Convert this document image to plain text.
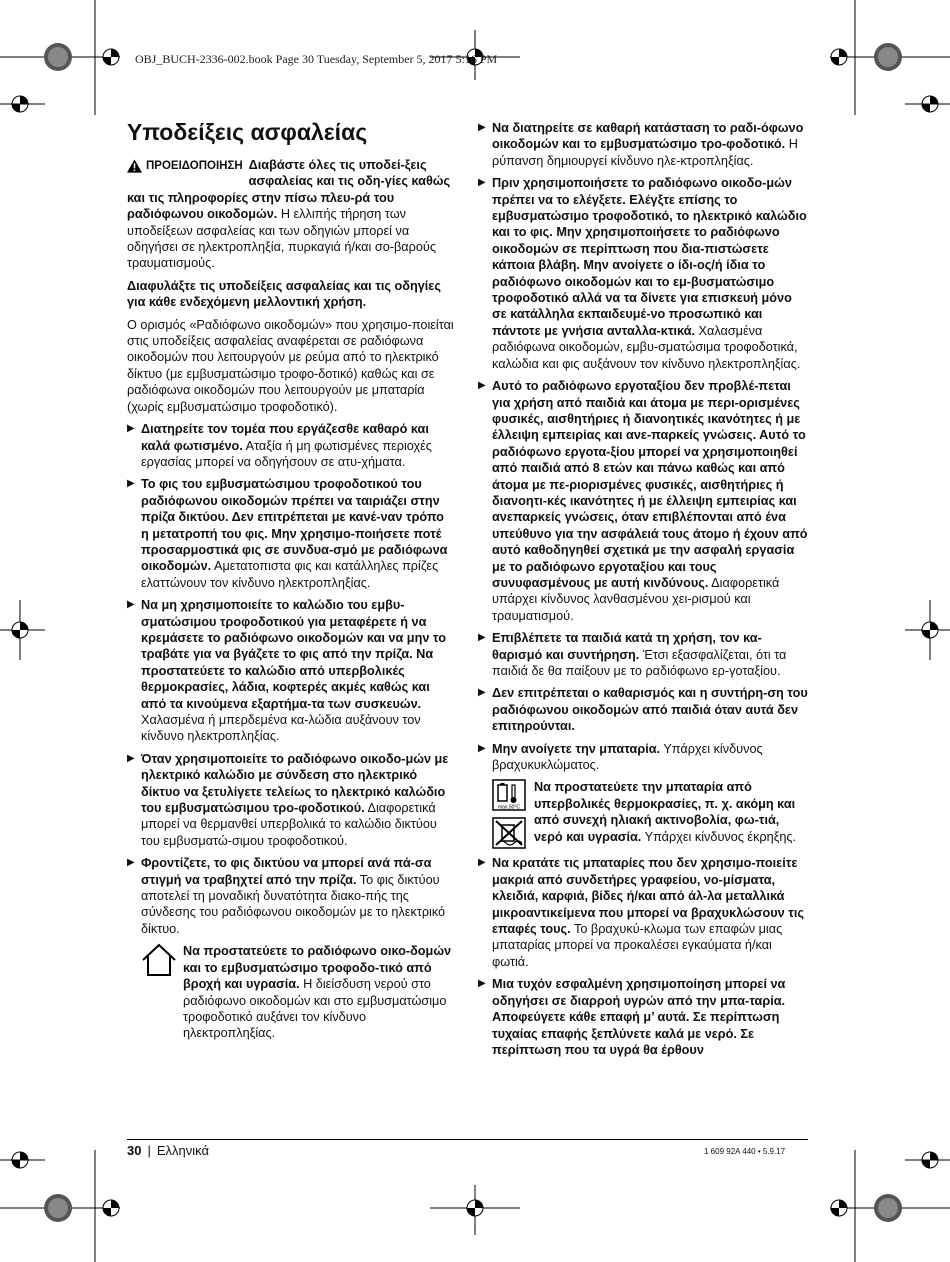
OBJ_BUCH-2336-002.book Page 30 Tuesday, September 5, 2017 5:16 PM
Υποδείξεις ασφαλείας

ΠΡΟΕΙΔΟΠΟΙΗΣΗ Διαβάστε όλες τις υποδεί-ξεις ασφαλείας και τις οδη-γίες καθώς και τις πληροφορίες στην πίσω πλευ-ρά του ραδιόφωνου οικοδομών. Η ελλιπής τήρηση των υποδείξεων ασφαλείας και των οδηγιών μπορεί να οδηγήσει σε ηλεκτροπληξία, πυρκαγιά ή/και σο-βαρούς τραυματισμούς.

Διαφυλάξτε τις υποδείξεις ασφαλείας και τις οδηγίες για κάθε ενδεχόμενη μελλοντική χρήση.

Ο ορισμός «Ραδιόφωνο οικοδομών» που χρησιμο-ποιείται στις υποδείξεις ασφαλείας αναφέρεται σε ραδιόφωνα οικοδομών που λειτουργούν με ρεύμα από το ηλεκτρικό δίκτυο (με εμβυσματώσιμο τροφο-δοτικό) καθώς και σε ραδιόφωνα οικοδομών που λειτουργούν με μπαταρία (χωρίς εμβυσματώσιμο τροφοδοτικό).

▶ Διατηρείτε τον τομέα που εργάζεσθε καθαρό και καλά φωτισμένο. Αταξία ή μη φωτισμένες περιοχές εργασίας μπορεί να οδηγήσουν σε ατυ-χήματα.
▶ Το φις του εμβυσματώσιμου τροφοδοτικού του ραδιόφωνου οικοδομών πρέπει να ταιριάζει στην πρίζα δικτύου. Δεν επιτρέπεται με κανέ-ναν τρόπο η μετατροπή του φις. Μην χρησιμο-ποιήσετε ποτέ προσαρμοστικά φις σε συνδυα-σμό με ραδιόφωνα οικοδομών. Αμετατοπιστα φις και κατάλληλες πρίζες ελαττώνουν τον κίνδυνο ηλεκτροπληξίας.
▶ Να μη χρησιμοποιείτε το καλώδιο του εμβυ-σματώσιμου τροφοδοτικού για μεταφέρετε ή να κρεμάσετε το ραδιόφωνο οικοδομών και να μην το τραβάτε για να βγάζετε το φις από την πρίζα. Να προστατεύετε το καλώδιο από υπερβολικές θερμοκρασίες, λάδια, κοφτερές ακμές καθώς και από τα κινούμενα εξαρτήμα-τα των συσκευών. Χαλασμένα ή μπερδεμένα κα-λώδια αυξάνουν τον κίνδυνο ηλεκτροπληξίας.
▶ Όταν χρησιμοποιείτε το ραδιόφωνο οικοδο-μών με ηλεκτρικό καλώδιο με σύνδεση στο ηλεκτρικό δίκτυο να ξετυλίγετε τελείως το ηλεκτρικό καλώδιο του εμβυσματώσιμου τρο-φοδοτικού. Διαφορετικά μπορεί να θερμανθεί υπερβολικά το καλώδιο δικτύου του εμβυσματώ-σιμου τροφοδοτικού.
▶ Φροντίζετε, το φις δικτύου να μπορεί ανά πά-σα στιγμή να τραβηχτεί από την πρίζα. Το φις δικτύου αποτελεί τη μοναδική δυνατότητα διακο-πής της σύνδεσης του ραδιόφωνου οικοδομών με το ηλεκτρικό δίκτυο.
Να προστατεύετε το ραδιόφωνο οικο-δομών και το εμβυσματώσιμο τροφοδο-τικό από βροχή και υγρασία. Η διείσδυση νερού στο ραδιόφωνο οικοδομών και στο εμβυσματώσιμο τροφοδοτικό αυξάνει τον κίνδυνο ηλεκτροπληξίας.
▶ Να διατηρείτε σε καθαρή κατάσταση το ραδι-όφωνο οικοδομών και το εμβυσματώσιμο τρο-φοδοτικό. Η ρύπανση δημιουργεί κίνδυνο ηλε-κτροπληξίας.
▶ Πριν χρησιμοποιήσετε το ραδιόφωνο οικοδο-μών πρέπει να το ελέγξετε. Ελέγξτε επίσης το εμβυσματώσιμο τροφοδοτικό, το ηλεκτρικό καλώδιο και το φις. Μην χρησιμοποιήσετε το ραδιόφωνο οικοδομών σε περίπτωση που δια-πιστώσετε κάποια βλάβη. Μην ανοίγετε ο ίδι-ος/ή ίδια το ραδιόφωνο οικοδομών και το εμ-βυσματώσιμο τροφοδοτικό αλλά να τα δίνετε για επισκευή μόνο σε κατάλληλα εκπαιδευμέ-νο προσωπικό και πάντοτε με γνήσια ανταλλα-κτικά. Χαλασμένα ραδιόφωνα οικοδομών, εμβυ-σματώσιμα τροφοδοτικά, καλώδια και φις αυξάνουν τον κίνδυνο ηλεκτροπληξίας.
▶ Αυτό το ραδιόφωνο εργοταξίου δεν προβλέ-πεται για χρήση από παιδιά και άτομα με περι-ορισμένες φυσικές, αισθητήριες ή διανοητικές ικανότητες ή με έλλειψη εμπειρίας και ανε-παρκείς γνώσεις. Αυτό το ραδιόφωνο εργοτα-ξίου μπορεί να χρησιμοποιηθεί από παιδιά από 8 ετών και πάνω καθώς και από άτομα με πε-ριορισμένες φυσικές, αισθητήριες ή διανοητι-κές ικανότητες ή με έλλειψη εμπειρίας και ανεπαρκείς γνώσεις, όταν επιβλέπονται από ένα υπεύθυνο για την ασφάλειά τους άτομο ή έχουν από αυτό καθοδηγηθεί σχετικά με την ασφαλή εργασία με το ραδιόφωνο εργοταξίου και τους συνυφασμένους με αυτή κινδύνους. Διαφορετικά υπάρχει κίνδυνος λανθασμένου χει-ρισμού και τραυματισμού.
▶ Επιβλέπετε τα παιδιά κατά τη χρήση, τον κα-θαρισμό και συντήρηση. Έτσι εξασφαλίζεται, ότι τα παιδιά δε θα παίξουν με το ραδιόφωνο ερ-γοταξίου.
▶ Δεν επιτρέπεται ο καθαρισμός και η συντήρη-ση του ραδιόφωνου οικοδομών από παιδιά όταν αυτά δεν επιτηρούνται.
▶ Μην ανοίγετε την μπαταρία. Υπάρχει κίνδυνος βραχυκυκλώματος.
max.50°C
Να προστατεύετε την μπαταρία από υπερβολικές θερμοκρασίες, π. χ. ακόμη και από συνεχή ηλιακή ακτινοβολία, φω-τιά, νερό και υγρασία. Υπάρχει κίνδυνος έκρηξης.
▶ Να κρατάτε τις μπαταρίες που δεν χρησιμο-ποιείτε μακριά από συνδετήρες γραφείου, νο-μίσματα, κλειδιά, καρφιά, βίδες ή/και από άλ-λα μεταλλικά μικροαντικείμενα που μπορεί να βραχυκλώσουν τις επαφές τους. Το βραχυκύ-κλωμα των επαφών μιας μπαταρίας μπορεί να προκαλέσει εγκαύματα ή/και φωτιά.
▶ Μια τυχόν εσφαλμένη χρησιμοποίηση μπορεί να οδηγήσει σε διαρροή υγρών από την μπα-ταρία. Αποφεύγετε κάθε επαφή μ’ αυτά. Σε περίπτωση τυχαίας επαφής ξεπλύνετε καλά με νερό. Σε περίπτωση που τα υγρά θα έρθουν
30 | Ελληνικά	1 609 92A 440 • 5.9.17
